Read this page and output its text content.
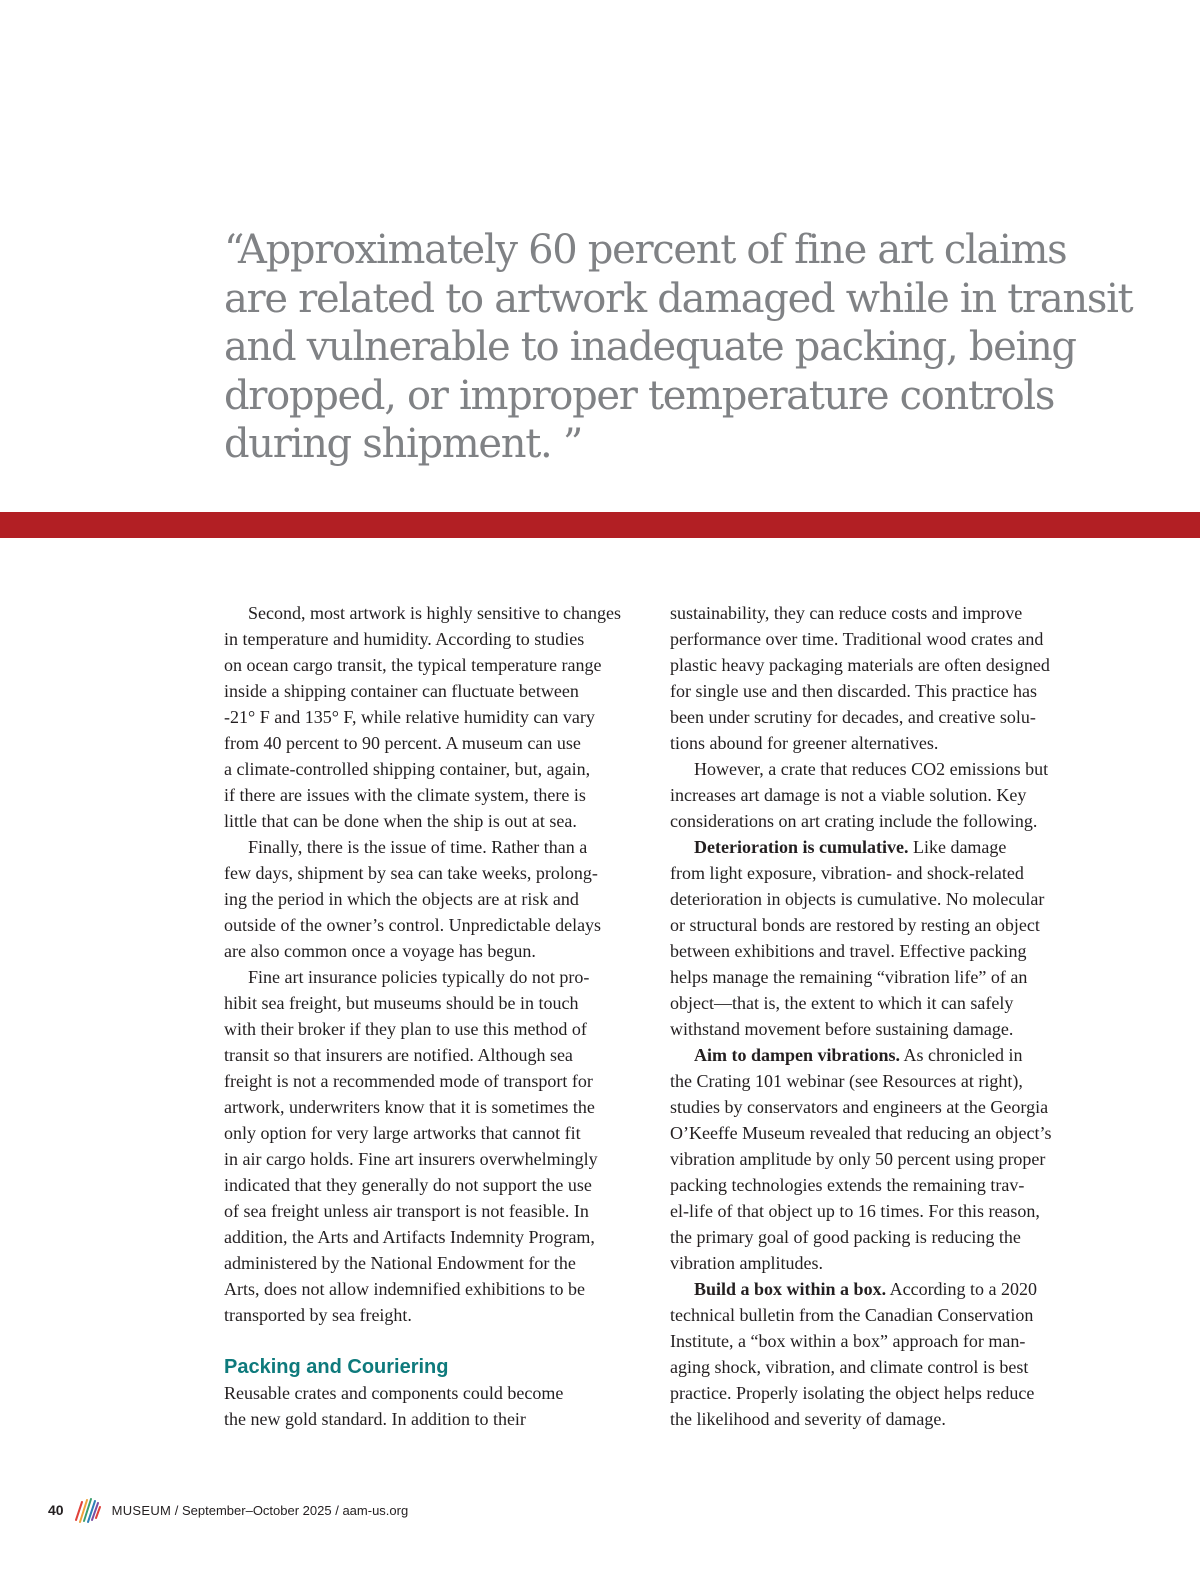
“Approximately 60 percent of fine art claims
are related to artwork damaged while in transit
and vulnerable to inadequate packing, being
dropped, or improper temperature controls
during shipment. ”
Second, most artwork is highly sensitive to changes
in temperature and humidity. According to studies
on ocean cargo transit, the typical temperature range
inside a shipping container can fluctuate between
-21° F and 135° F, while relative humidity can vary
from 40 percent to 90 percent. A museum can use
a climate-controlled shipping container, but, again,
if there are issues with the climate system, there is
little that can be done when the ship is out at sea.
Finally, there is the issue of time. Rather than a
few days, shipment by sea can take weeks, prolong-
ing the period in which the objects are at risk and
outside of the owner’s control. Unpredictable delays
are also common once a voyage has begun.
Fine art insurance policies typically do not pro-
hibit sea freight, but museums should be in touch
with their broker if they plan to use this method of
transit so that insurers are notified. Although sea
freight is not a recommended mode of transport for
artwork, underwriters know that it is sometimes the
only option for very large artworks that cannot fit
in air cargo holds. Fine art insurers overwhelmingly
indicated that they generally do not support the use
of sea freight unless air transport is not feasible. In
addition, the Arts and Artifacts Indemnity Program,
administered by the National Endowment for the
Arts, does not allow indemnified exhibitions to be
transported by sea freight.
Packing and Couriering
Reusable crates and components could become
the new gold standard. In addition to their
sustainability, they can reduce costs and improve
performance over time. Traditional wood crates and
plastic heavy packaging materials are often designed
for single use and then discarded. This practice has
been under scrutiny for decades, and creative solu-
tions abound for greener alternatives.
However, a crate that reduces CO2 emissions but
increases art damage is not a viable solution. Key
considerations on art crating include the following.
Deterioration is cumulative. Like damage
from light exposure, vibration- and shock-related
deterioration in objects is cumulative. No molecular
or structural bonds are restored by resting an object
between exhibitions and travel. Effective packing
helps manage the remaining “vibration life” of an
object—that is, the extent to which it can safely
withstand movement before sustaining damage.
Aim to dampen vibrations. As chronicled in
the Crating 101 webinar (see Resources at right),
studies by conservators and engineers at the Georgia
O’Keeffe Museum revealed that reducing an object’s
vibration amplitude by only 50 percent using proper
packing technologies extends the remaining trav-
el-life of that object up to 16 times. For this reason,
the primary goal of good packing is reducing the
vibration amplitudes.
Build a box within a box. According to a 2020
technical bulletin from the Canadian Conservation
Institute, a “box within a box” approach for man-
aging shock, vibration, and climate control is best
practice. Properly isolating the object helps reduce
the likelihood and severity of damage.
40	MUSEUM / September–October 2025 / aam-us.org
